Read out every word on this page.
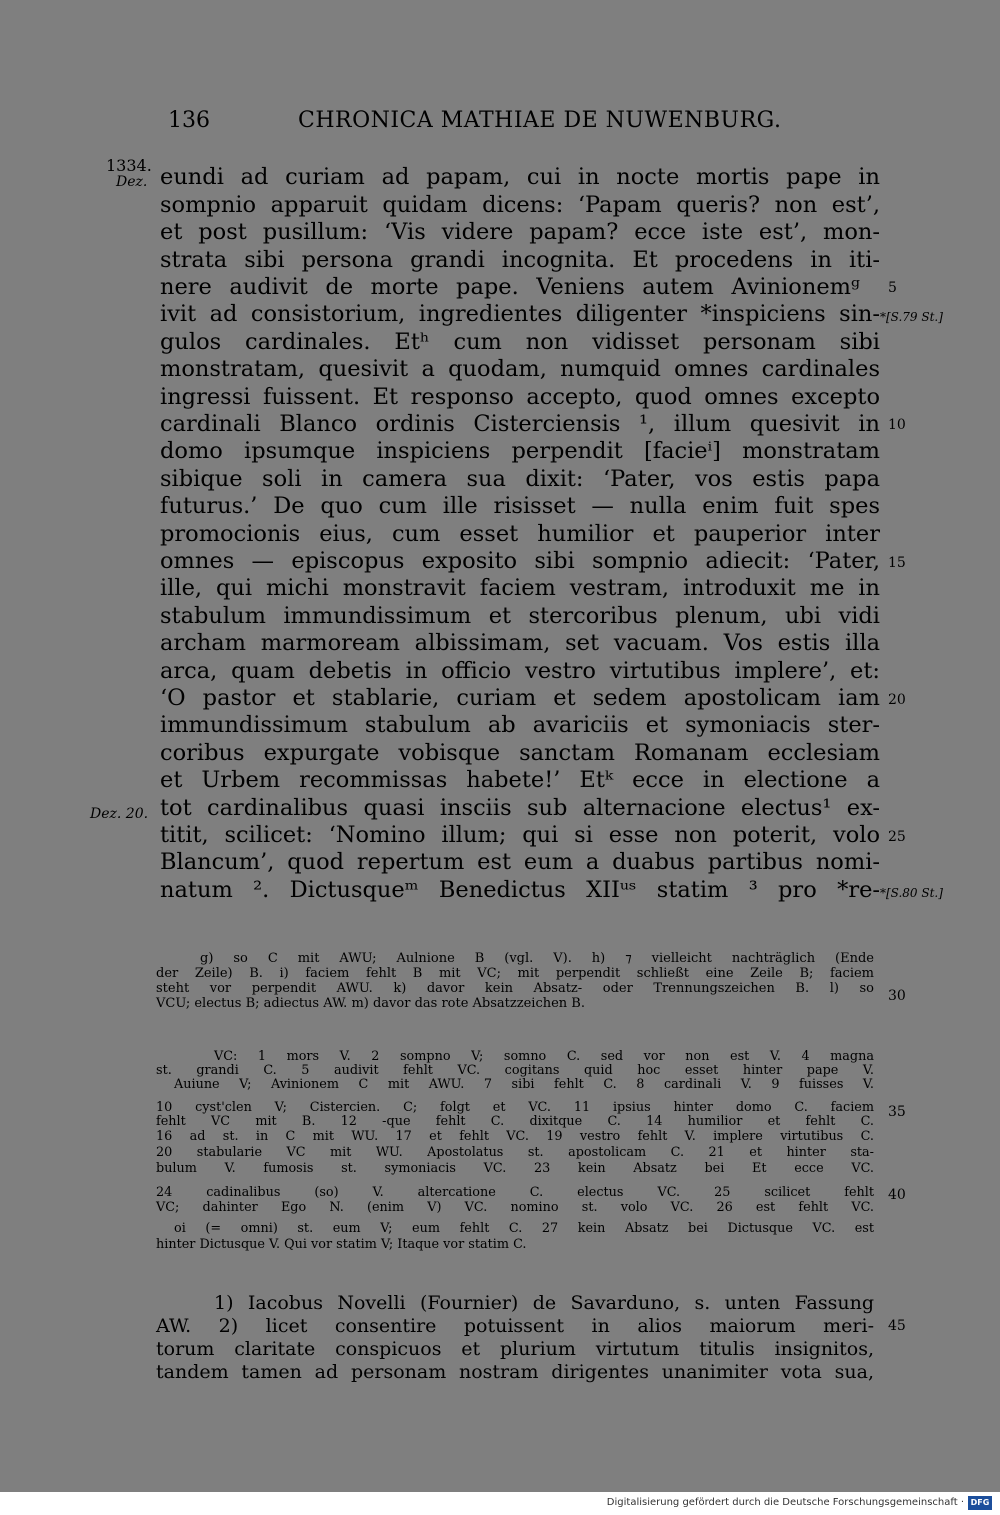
136	CHRONICA MATHIAE DE NUWENBURG.
1334.
Dez.
Dez. 20.
eundi ad curiam ad papam, cui in nocte mortis pape in
sompnio apparuit quidam dicens: ‘Papam queris? non est’,
et post pusillum: ‘Vis videre papam? ecce iste est’, mon-
strata sibi persona grandi incognita. Et procedens in iti-
nere audivit de morte pape. Veniens autem Avinionemᵍ
ivit ad consistorium, ingredientes diligenter *inspiciens sin-
gulos cardinales. Etʰ cum non vidisset personam sibi
monstratam, quesivit a quodam, numquid omnes cardinales
ingressi fuissent. Et responso accepto, quod omnes excepto
cardinali Blanco ordinis Cisterciensis ¹, illum quesivit in
domo ipsumque inspiciens perpendit [facieⁱ] monstratam
sibique soli in camera sua dixit: ‘Pater, vos estis papa
futurus.’ De quo cum ille risisset — nulla enim fuit spes
promocionis eius, cum esset humilior et pauperior inter
omnes — episcopus exposito sibi sompnio adiecit: ‘Pater,
ille, qui michi monstravit faciem vestram, introduxit me in
stabulum immundissimum et stercoribus plenum, ubi vidi
archam marmoream albissimam, set vacuam. Vos estis illa
arca, quam debetis in officio vestro virtutibus implere’, et:
‘O pastor et stablarie, curiam et sedem apostolicam iam
immundissimum stabulum ab avariciis et symoniacis ster-
coribus expurgate vobisque sanctam Romanam ecclesiam
et Urbem recommissas habete!’ Etᵏ ecce in electione a
tot cardinalibus quasi insciis sub alternacione electus¹ ex-
titit, scilicet: ‘Nomino illum; qui si esse non poterit, volo
Blancum’, quod repertum est eum a duabus partibus nomi-
natum ². Dictusqueᵐ Benedictus XIIᵘˢ statim ³ pro *re-
5
*[S.79 St.]
10
15
20
25
*[S.80 St.]
g) so C mit AWU; Aulnione B (vgl. V). h) ⁊ vielleicht nachträglich (Ende
der Zeile) B. i) faciem fehlt B mit VC; mit perpendit schließt eine Zeile B; faciem
steht vor perpendit AWU. k) davor kein Absatz- oder Trennungszeichen B. l) so
VCU; electus B; adiectus AW. m) davor das rote Absatzzeichen B.	30
VC: 1 mors V. 2 sompno V; somno C. sed vor non est V. 4 magna
st. grandi C. 5 audivit fehlt VC. cogitans quid hoc esset hinter pape V.
Auiune V; Avinionem C mit AWU. 7 sibi fehlt C. 8 cardinali V. 9 fuisses V.
10 cyst'clen V; Cistercien. C; folgt et VC. 11 ipsius hinter domo C. faciem
fehlt VC mit B. 12 -que fehlt C. dixitque C. 14 humilior et fehlt C.
16 ad st. in C mit WU. 17 et fehlt VC. 19 vestro fehlt V. implere virtutibus C.
20 stabularie VC mit WU. Apostolatus st. apostolicam C. 21 et hinter sta-
bulum V. fumosis st. symoniacis VC. 23 kein Absatz bei Et ecce VC.
24 cadinalibus (so) V. altercatione C. electus VC. 25 scilicet fehlt
VC; dahinter Ego N. (enim V) VC. nomino st. volo VC. 26 est fehlt VC.
oi (= omni) st. eum V; eum fehlt C. 27 kein Absatz bei Dictusque VC. est
hinter Dictusque V. Qui vor statim V; Itaque vor statim C.
35
40
1) Iacobus Novelli (Fournier) de Savarduno, s. unten Fassung
AW. 2) licet consentire potuissent in alios maiorum meri-
torum claritate conspicuos et plurium virtutum titulis insignitos,
tandem tamen ad personam nostram dirigentes unanimiter vota sua,
45
Digitalisierung gefördert durch die Deutsche Forschungsgemeinschaft · DFG
